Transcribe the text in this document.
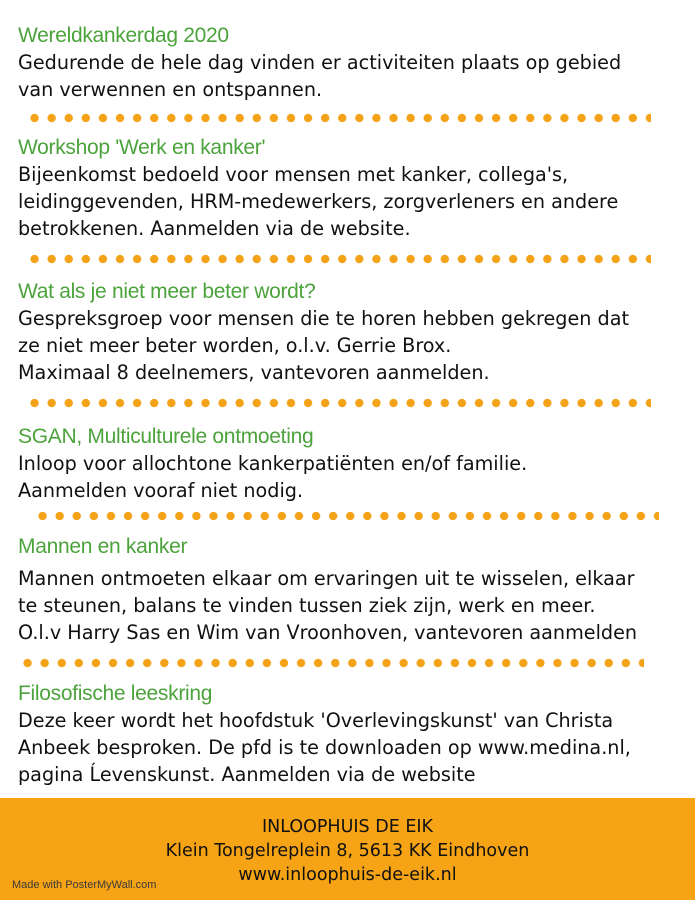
Wereldkankerdag 2020
Gedurende de hele dag vinden er activiteiten plaats op gebied
van verwennen en ontspannen.
Workshop 'Werk en kanker'
Bijeenkomst bedoeld voor mensen met kanker, collega's,
leidinggevenden, HRM-medewerkers, zorgverleners en andere
betrokkenen. Aanmelden via de website.
Wat als je niet meer beter wordt?
Gespreksgroep voor mensen die te horen hebben gekregen dat
ze niet meer beter worden, o.l.v. Gerrie Brox.
Maximaal 8 deelnemers, vantevoren aanmelden.
SGAN, Multiculturele ontmoeting
Inloop voor allochtone kankerpatiënten en/of familie.
Aanmelden vooraf niet nodig.
Mannen en kanker
Mannen ontmoeten elkaar om ervaringen uit te wisselen, elkaar
te steunen, balans te vinden tussen ziek zijn, werk en meer.
O.l.v Harry Sas en Wim van Vroonhoven, vantevoren aanmelden
Filosofische leeskring
Deze keer wordt het hoofdstuk 'Overlevingskunst' van Christa
Anbeek besproken. De pfd is te downloaden op www.medina.nl,
pagina Ĺevenskunst. Aanmelden via de website
INLOOPHUIS DE EIK
Klein Tongelreplein 8, 5613 KK Eindhoven
www.inloophuis-de-eik.nl
Made with PosterMyWall.com
